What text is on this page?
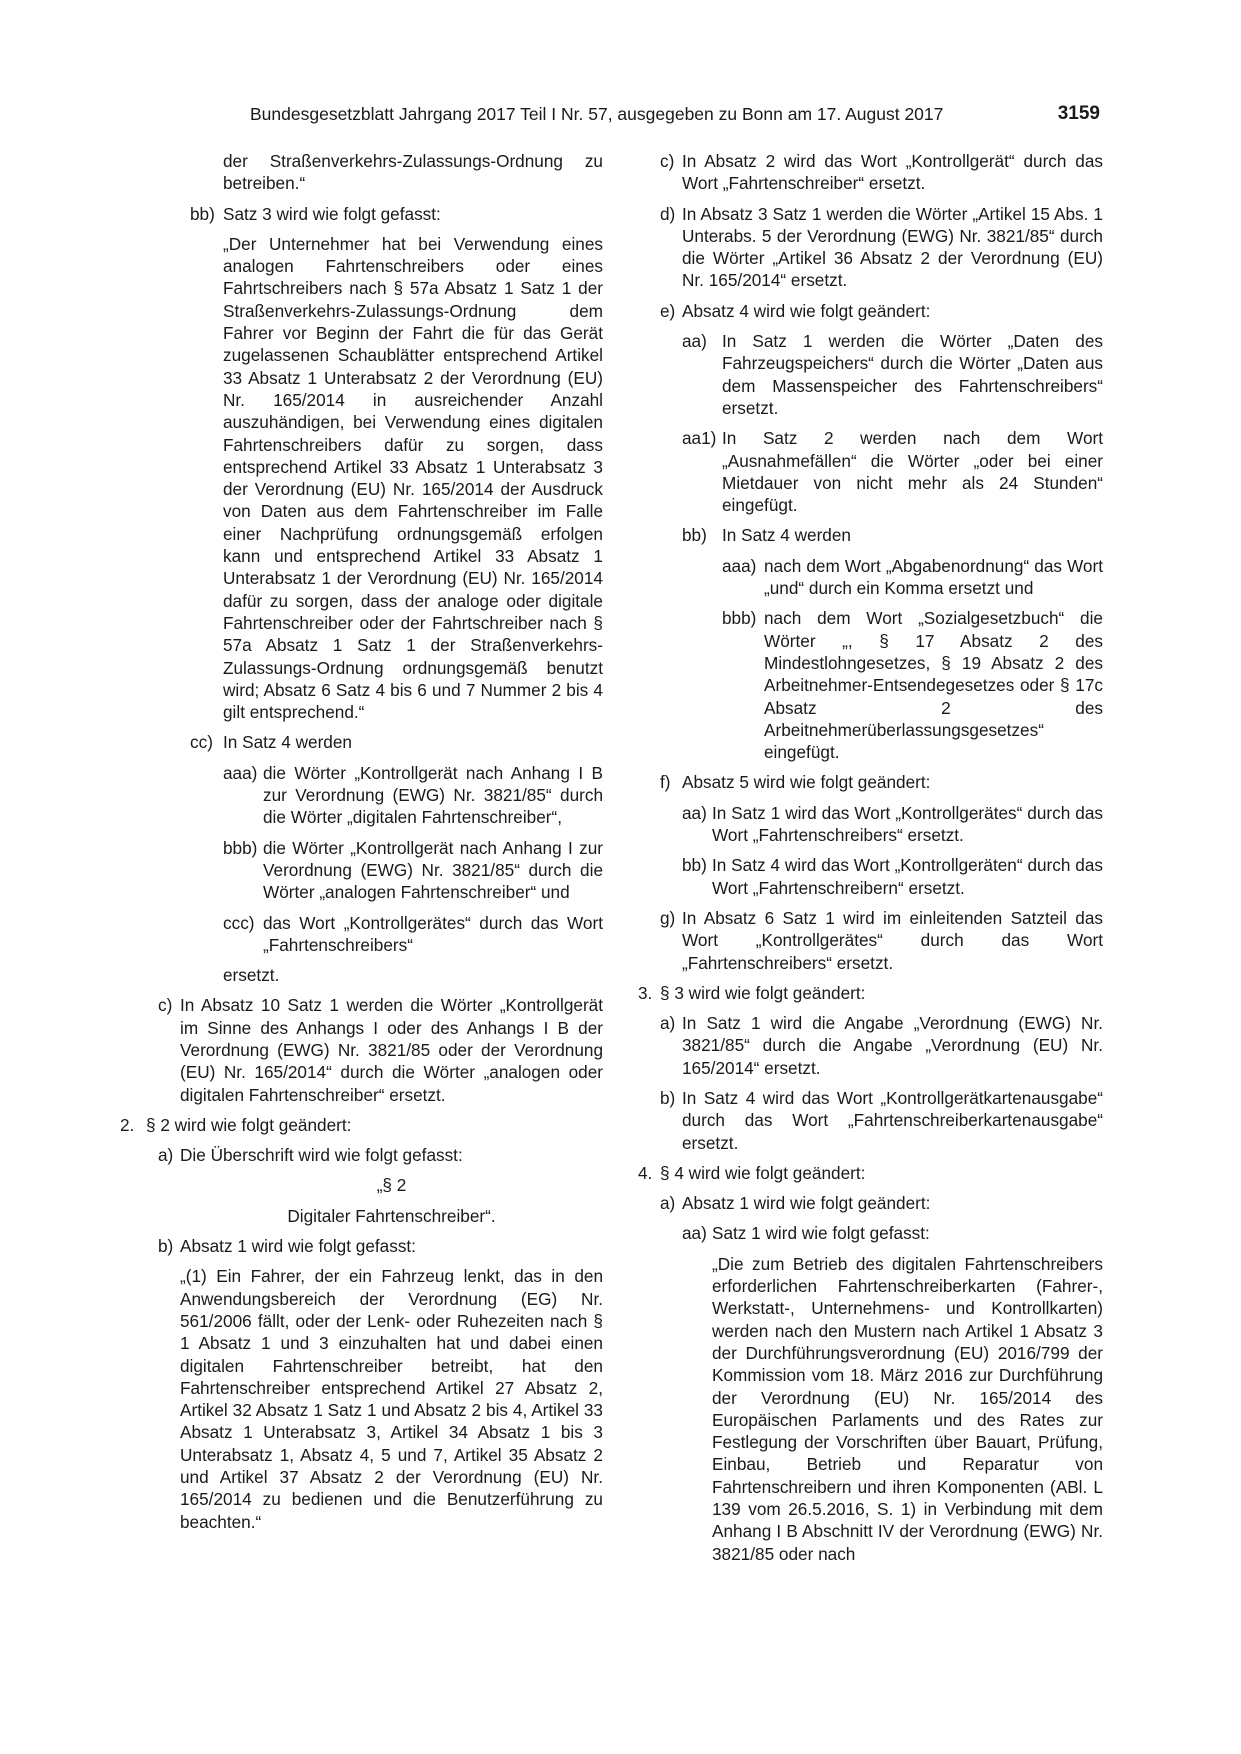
Bundesgesetzblatt Jahrgang 2017 Teil I Nr. 57, ausgegeben zu Bonn am 17. August 2017	3159
der Straßenverkehrs-Zulassungs-Ordnung zu betreiben.“
bb) Satz 3 wird wie folgt gefasst:
„Der Unternehmer hat bei Verwendung eines analogen Fahrtenschreibers oder eines Fahrtschreibers nach § 57a Absatz 1 Satz 1 der Straßenverkehrs-Zulassungs-Ordnung dem Fahrer vor Beginn der Fahrt die für das Gerät zugelassenen Schaublätter entsprechend Artikel 33 Absatz 1 Unterabsatz 2 der Verordnung (EU) Nr. 165/2014 in ausreichender Anzahl auszuhändigen, bei Verwendung eines digitalen Fahrtenschreibers dafür zu sorgen, dass entsprechend Artikel 33 Absatz 1 Unterabsatz 3 der Verordnung (EU) Nr. 165/2014 der Ausdruck von Daten aus dem Fahrtenschreiber im Falle einer Nachprüfung ordnungsgemäß erfolgen kann und entsprechend Artikel 33 Absatz 1 Unterabsatz 1 der Verordnung (EU) Nr. 165/2014 dafür zu sorgen, dass der analoge oder digitale Fahrtenschreiber oder der Fahrtschreiber nach § 57a Absatz 1 Satz 1 der Straßenverkehrs-Zulassungs-Ordnung ordnungsgemäß benutzt wird; Absatz 6 Satz 4 bis 6 und 7 Nummer 2 bis 4 gilt entsprechend.“
cc) In Satz 4 werden
aaa) die Wörter „Kontrollgerät nach Anhang I B zur Verordnung (EWG) Nr. 3821/85“ durch die Wörter „digitalen Fahrtenschreiber“,
bbb) die Wörter „Kontrollgerät nach Anhang I zur Verordnung (EWG) Nr. 3821/85“ durch die Wörter „analogen Fahrtenschreiber“ und
ccc) das Wort „Kontrollgerätes“ durch das Wort „Fahrtenschreibers“
ersetzt.
c) In Absatz 10 Satz 1 werden die Wörter „Kontrollgerät im Sinne des Anhangs I oder des Anhangs I B der Verordnung (EWG) Nr. 3821/85 oder der Verordnung (EU) Nr. 165/2014“ durch die Wörter „analogen oder digitalen Fahrtenschreiber“ ersetzt.
2. § 2 wird wie folgt geändert:
a) Die Überschrift wird wie folgt gefasst:
„§ 2
Digitaler Fahrtenschreiber“.
b) Absatz 1 wird wie folgt gefasst:
„(1) Ein Fahrer, der ein Fahrzeug lenkt, das in den Anwendungsbereich der Verordnung (EG) Nr. 561/2006 fällt, oder der Lenk- oder Ruhezeiten nach § 1 Absatz 1 und 3 einzuhalten hat und dabei einen digitalen Fahrtenschreiber betreibt, hat den Fahrtenschreiber entsprechend Artikel 27 Absatz 2, Artikel 32 Absatz 1 Satz 1 und Absatz 2 bis 4, Artikel 33 Absatz 1 Unterabsatz 3, Artikel 34 Absatz 1 bis 3 Unterabsatz 1, Absatz 4, 5 und 7, Artikel 35 Absatz 2 und Artikel 37 Absatz 2 der Verordnung (EU) Nr. 165/2014 zu bedienen und die Benutzerführung zu beachten.“
c) In Absatz 2 wird das Wort „Kontrollgerät“ durch das Wort „Fahrtenschreiber“ ersetzt.
d) In Absatz 3 Satz 1 werden die Wörter „Artikel 15 Abs. 1 Unterabs. 5 der Verordnung (EWG) Nr. 3821/85“ durch die Wörter „Artikel 36 Absatz 2 der Verordnung (EU) Nr. 165/2014“ ersetzt.
e) Absatz 4 wird wie folgt geändert:
aa) In Satz 1 werden die Wörter „Daten des Fahrzeugspeichers“ durch die Wörter „Daten aus dem Massenspeicher des Fahrtenschreibers“ ersetzt.
aa1) In Satz 2 werden nach dem Wort „Ausnahmefällen“ die Wörter „oder bei einer Mietdauer von nicht mehr als 24 Stunden“ eingefügt.
bb) In Satz 4 werden
aaa) nach dem Wort „Abgabenordnung“ das Wort „und“ durch ein Komma ersetzt und
bbb) nach dem Wort „Sozialgesetzbuch“ die Wörter „, § 17 Absatz 2 des Mindestlohngesetzes, § 19 Absatz 2 des Arbeitnehmer-Entsendegesetzes oder § 17c Absatz 2 des Arbeitnehmerüberlassungsgesetzes“ eingefügt.
f) Absatz 5 wird wie folgt geändert:
aa) In Satz 1 wird das Wort „Kontrollgerätes“ durch das Wort „Fahrtenschreibers“ ersetzt.
bb) In Satz 4 wird das Wort „Kontrollgeräten“ durch das Wort „Fahrtenschreibern“ ersetzt.
g) In Absatz 6 Satz 1 wird im einleitenden Satzteil das Wort „Kontrollgerätes“ durch das Wort „Fahrtenschreibers“ ersetzt.
3. § 3 wird wie folgt geändert:
a) In Satz 1 wird die Angabe „Verordnung (EWG) Nr. 3821/85“ durch die Angabe „Verordnung (EU) Nr. 165/2014“ ersetzt.
b) In Satz 4 wird das Wort „Kontrollgerätkartenausgabe“ durch das Wort „Fahrtenschreiberkartenausgabe“ ersetzt.
4. § 4 wird wie folgt geändert:
a) Absatz 1 wird wie folgt geändert:
aa) Satz 1 wird wie folgt gefasst:
„Die zum Betrieb des digitalen Fahrtenschreibers erforderlichen Fahrtenschreiberkarten (Fahrer-, Werkstatt-, Unternehmens- und Kontrollkarten) werden nach den Mustern nach Artikel 1 Absatz 3 der Durchführungsverordnung (EU) 2016/799 der Kommission vom 18. März 2016 zur Durchführung der Verordnung (EU) Nr. 165/2014 des Europäischen Parlaments und des Rates zur Festlegung der Vorschriften über Bauart, Prüfung, Einbau, Betrieb und Reparatur von Fahrtenschreibern und ihren Komponenten (ABl. L 139 vom 26.5.2016, S. 1) in Verbindung mit dem Anhang I B Abschnitt IV der Verordnung (EWG) Nr. 3821/85 oder nach
